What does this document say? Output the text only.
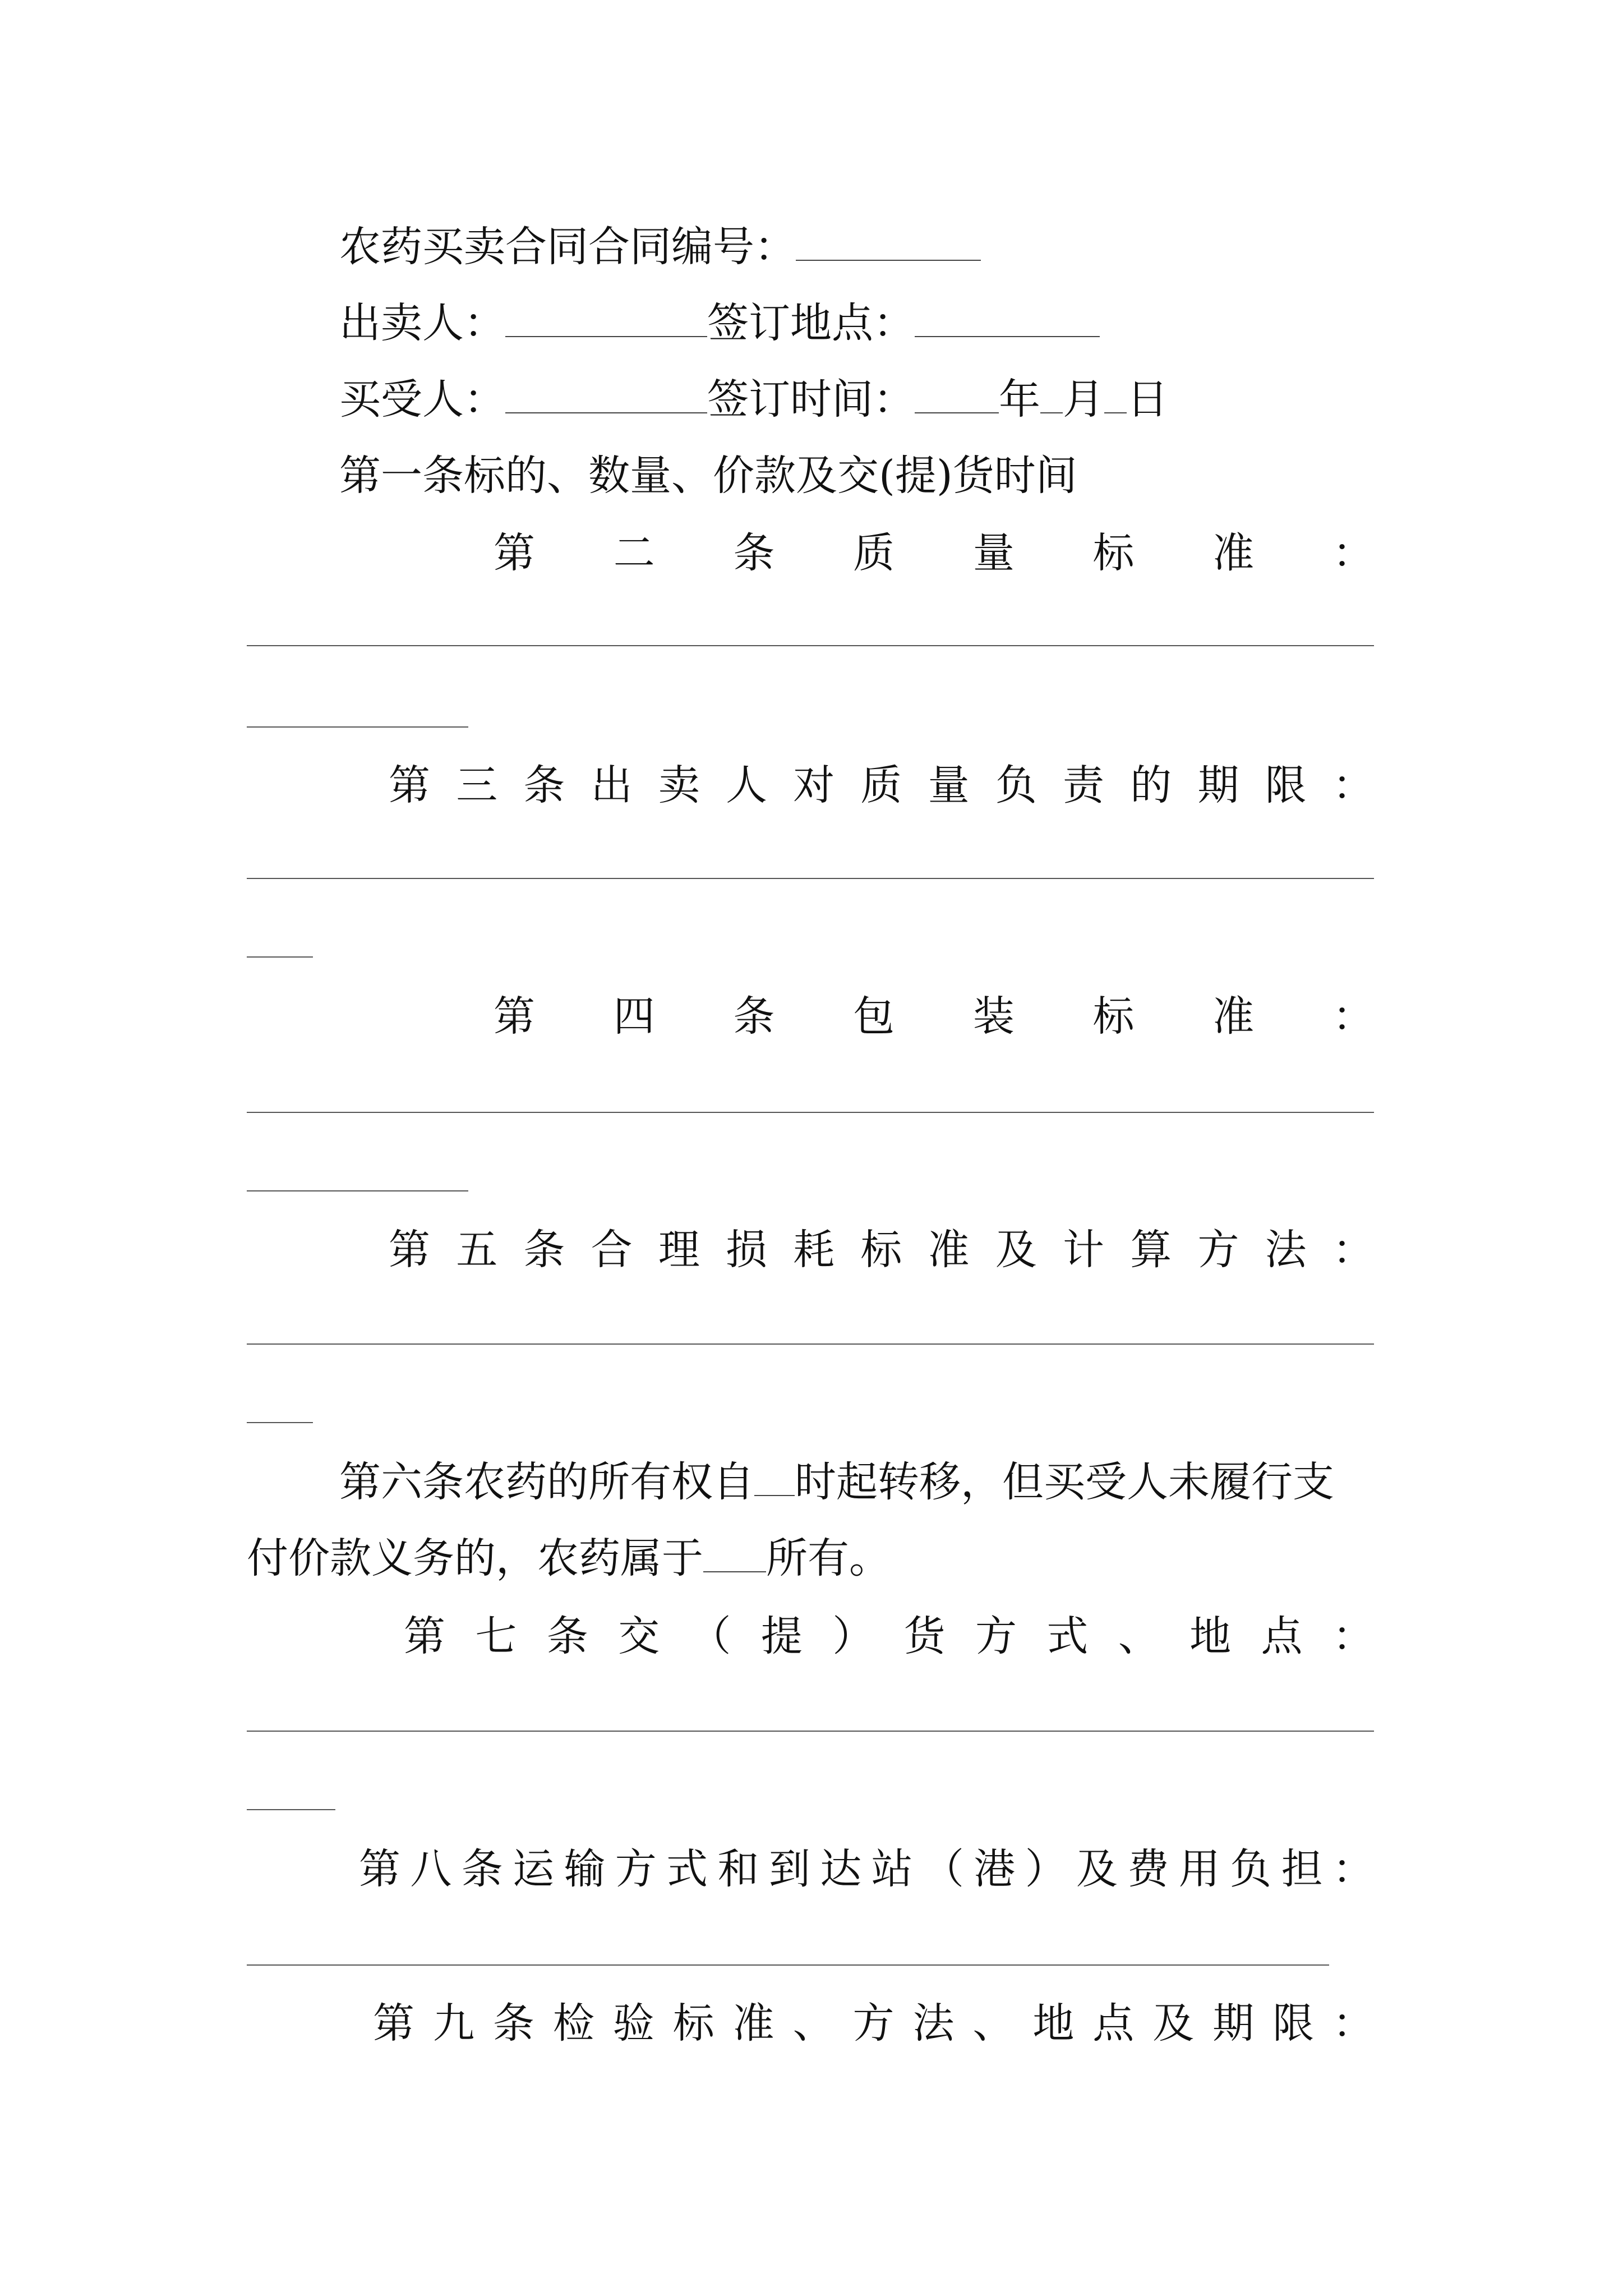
农药买卖合同合同编号：
出卖人：	签订地点：
买受人：	签订时间： 年 月 日
第一条标的、数量、价款及交(提)货时间
第 二 条 质 量 标 准 ：
第 三 条 出 卖 人 对 质 量 负 责 的 期 限 ：
第 四 条 包 装 标 准 ：
第 五 条 合 理 损 耗 标 准 及 计 算 方 法 ：
第六条农药的所有权自 时起转移，但买受人未履行支
付价款义务的，农药属于 所有。
第 七 条 交 （ 提 ） 货 方 式 、 地 点 ：
第 八 条 运 输 方 式 和 到 达 站 （ 港 ） 及 费 用 负 担 ：
第 九 条 检 验 标 准 、 方 法 、 地 点 及 期 限 ：
